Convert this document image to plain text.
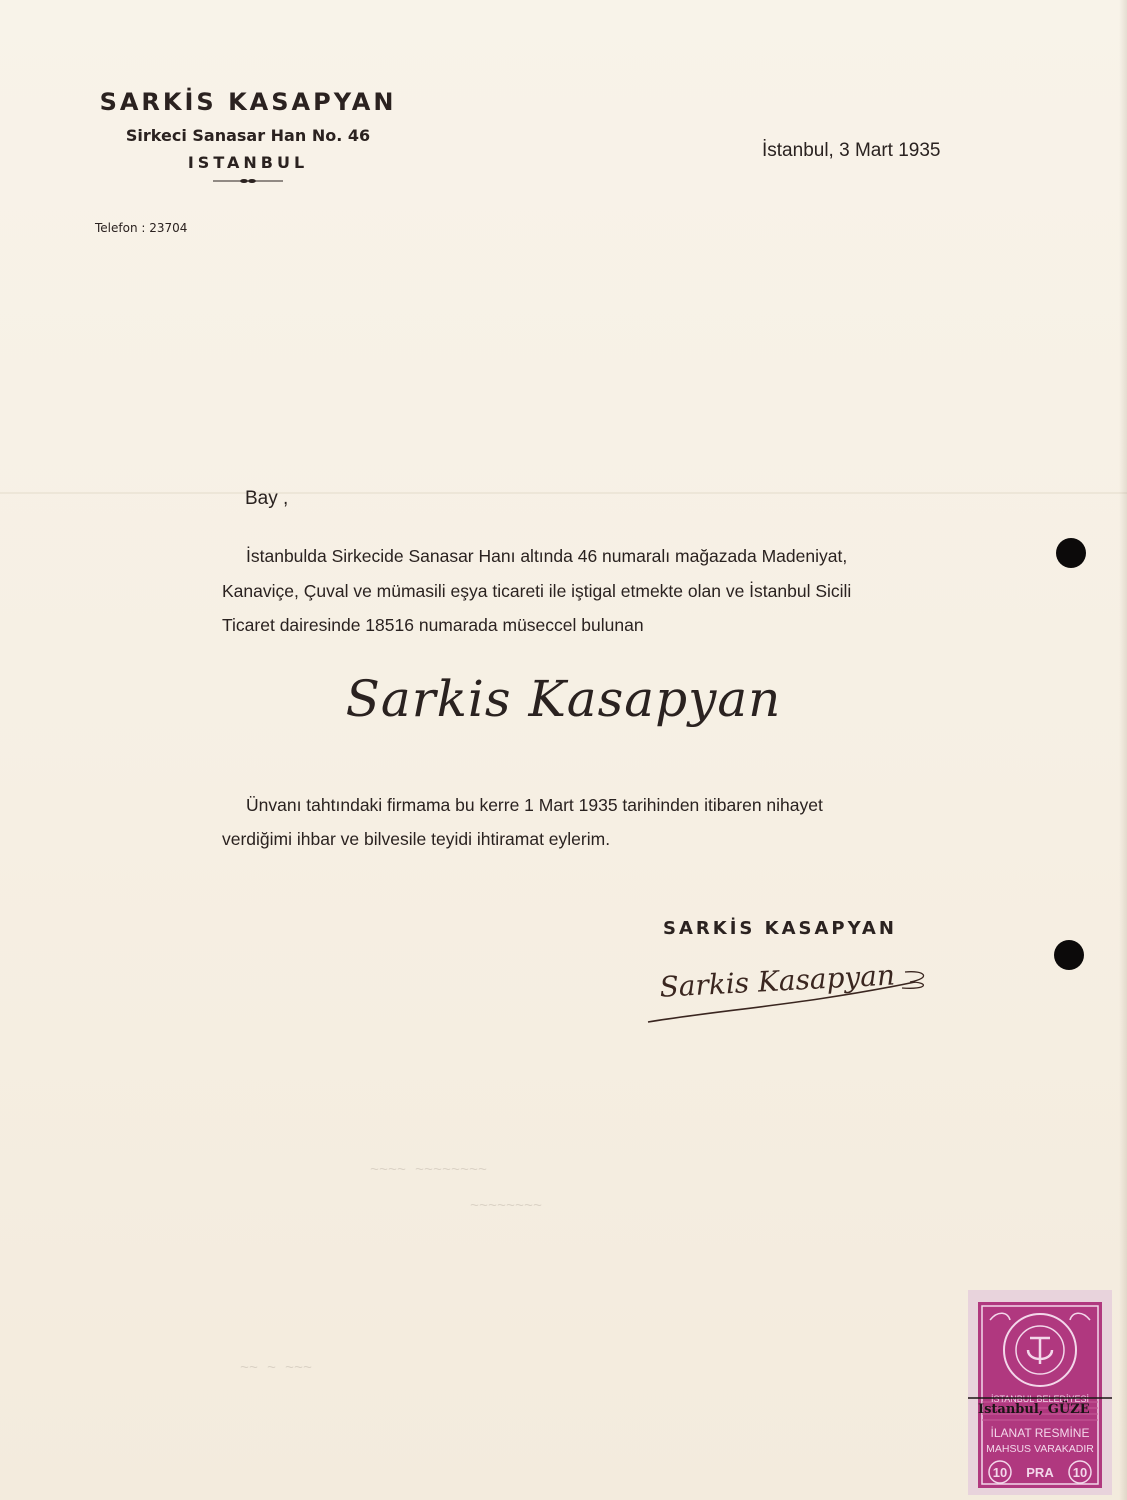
SARKİS KASAPYAN
Sirkeci Sanasar Han No. 46
ISTANBUL
Telefon : 23704
İstanbul, 3 Mart 1935
Bay ,
İstanbulda Sirkecide Sanasar Hanı altında 46 numaralı mağazada Madeniyat,
Kanaviçe, Çuval ve mümasili eşya ticareti ile iştigal etmekte olan ve İstanbul Sicili
Ticaret dairesinde 18516 numarada müseccel bulunan
Sarkis Kasapyan
Ünvanı tahtındaki firmama bu kerre 1 Mart 1935 tarihinden itibaren nihayet
verdiğimi ihbar ve bilvesile teyidi ihtiramat eylerim.
SARKİS KASAPYAN
Sarkis Kasapyan
~~~~ ~~~~~~~~
~~~~~~~~
~~ ~ ~~~
İSTANBUL BELEDİYESİ
İLANAT RESMİNE
MAHSUS VARAKADIR
10 PRA 10
Istanbul, GÜZE
